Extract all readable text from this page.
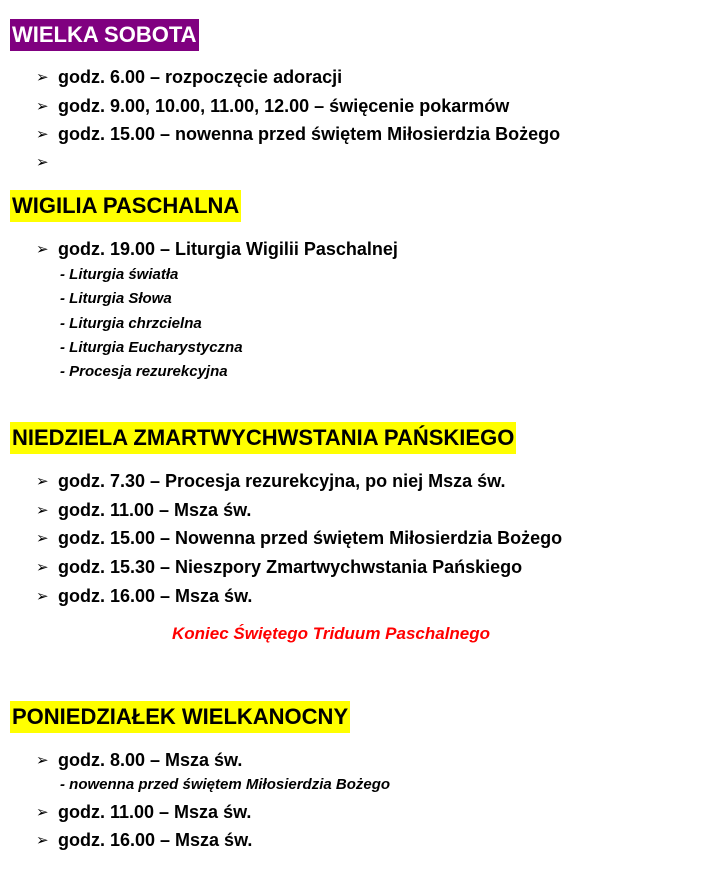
WIELKA SOBOTA
➢ godz. 6.00 – rozpoczęcie adoracji
➢ godz. 9.00, 10.00, 11.00, 12.00 – święcenie pokarmów
➢ godz. 15.00 – nowenna przed świętem Miłosierdzia Bożego
➢
WIGILIA PASCHALNA
➢ godz. 19.00 – Liturgia Wigilii Paschalnej
- Liturgia światła
- Liturgia Słowa
- Liturgia chrzcielna
- Liturgia Eucharystyczna
- Procesja rezurekcyjna
NIEDZIELA ZMARTWYCHWSTANIA PAŃSKIEGO
➢ godz. 7.30 – Procesja rezurekcyjna, po niej Msza św.
➢ godz. 11.00 – Msza św.
➢ godz. 15.00 – Nowenna przed świętem Miłosierdzia Bożego
➢ godz. 15.30 – Nieszpory Zmartwychwstania Pańskiego
➢ godz. 16.00 – Msza św.
Koniec Świętego Triduum Paschalnego
PONIEDZIAŁEK WIELKANOCNY
➢ godz. 8.00 – Msza św.
- nowenna przed świętem Miłosierdzia Bożego
➢ godz. 11.00 – Msza św.
➢ godz. 16.00 – Msza św.
